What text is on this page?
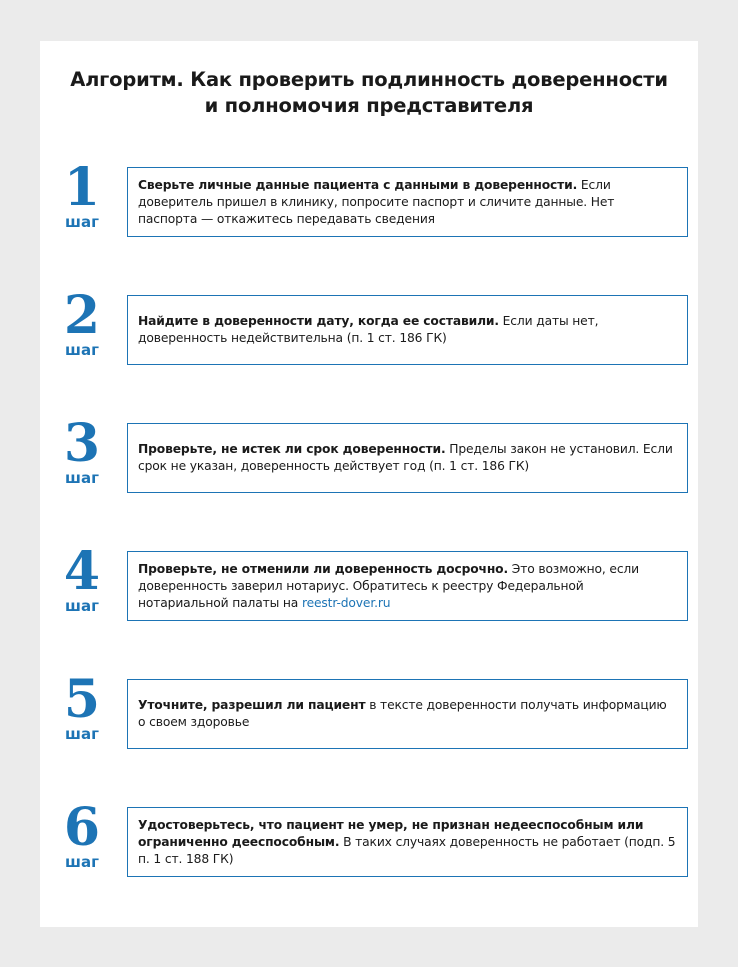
Алгоритм. Как проверить подлинность доверенности
и полномочия представителя
1
шаг
Сверьте личные данные пациента с данными в доверенности. Если доверитель пришел в клинику, попросите паспорт и сличите данные. Нет паспорта — откажитесь передавать сведения
2
шаг
Найдите в доверенности дату, когда ее составили. Если даты нет, доверенность недействительна (п. 1 ст. 186 ГК)
3
шаг
Проверьте, не истек ли срок доверенности. Пределы закон не установил. Если срок не указан, доверенность действует год (п. 1 ст. 186 ГК)
4
шаг
Проверьте, не отменили ли доверенность досрочно. Это возможно, если доверенность заверил нотариус. Обратитесь к реестру Федеральной нотариальной палаты на reestr-dover.ru
5
шаг
Уточните, разрешил ли пациент в тексте доверенности получать информацию о своем здоровье
6
шаг
Удостоверьтесь, что пациент не умер, не признан недееспособным или ограниченно дееспособным. В таких случаях доверенность не работает (подп. 5 п. 1 ст. 188 ГК)
